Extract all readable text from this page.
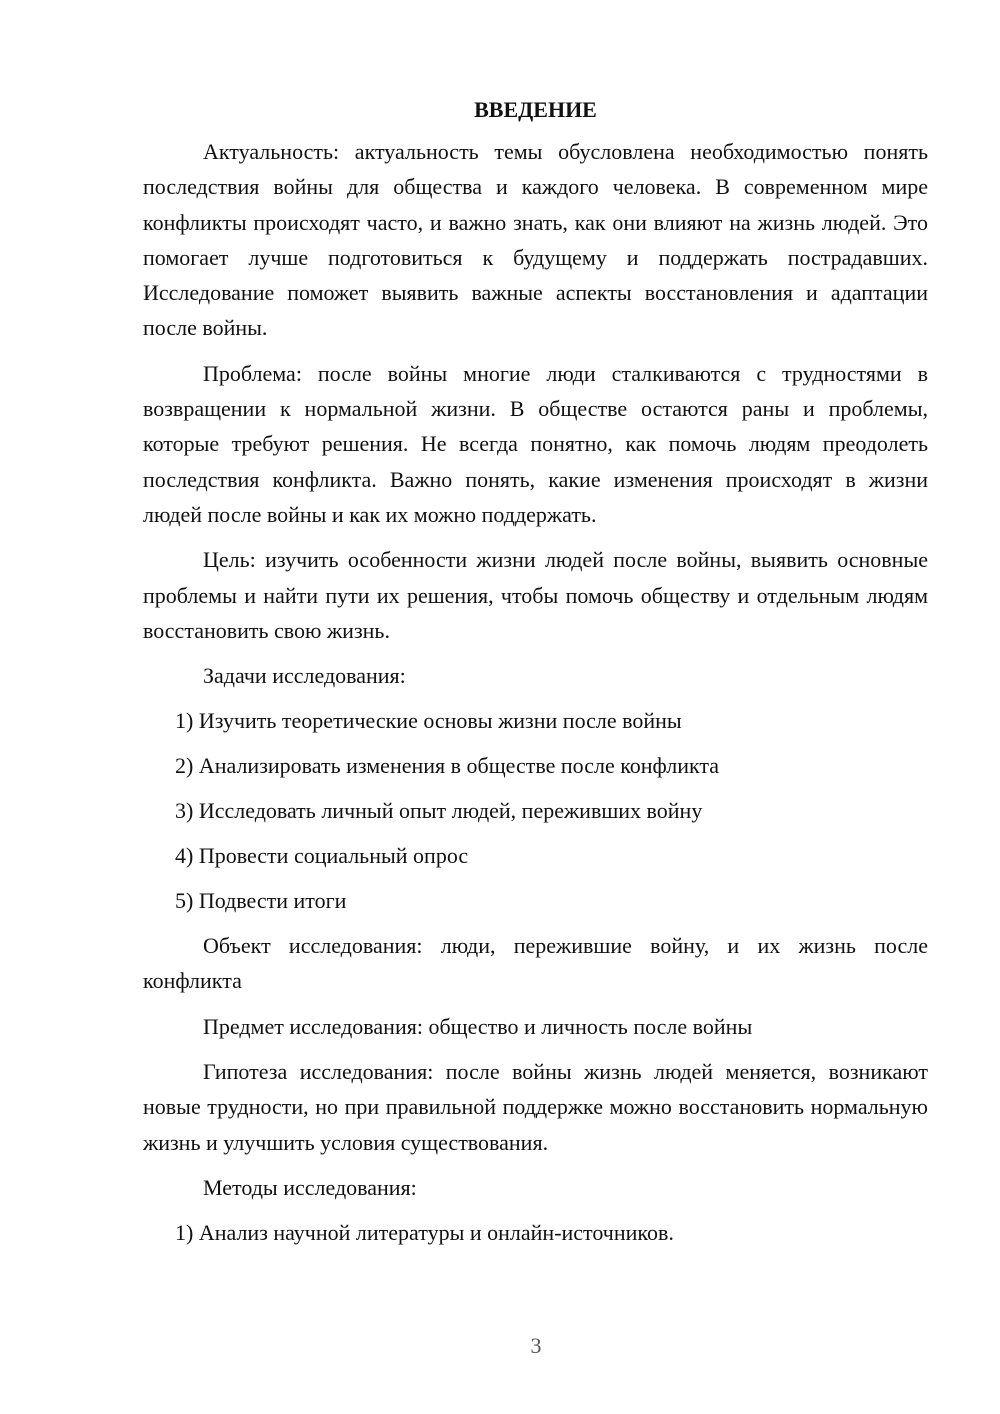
ВВЕДЕНИЕ

Актуальность: актуальность темы обусловлена необходимостью понять последствия войны для общества и каждого человека. В современном мире конфликты происходят часто, и важно знать, как они влияют на жизнь людей. Это помогает лучше подготовиться к будущему и поддержать пострадавших. Исследование поможет выявить важные аспекты восстановления и адаптации после войны.

Проблема: после войны многие люди сталкиваются с трудностями в возвращении к нормальной жизни. В обществе остаются раны и проблемы, которые требуют решения. Не всегда понятно, как помочь людям преодолеть последствия конфликта. Важно понять, какие изменения происходят в жизни людей после войны и как их можно поддержать.

Цель: изучить особенности жизни людей после войны, выявить основные проблемы и найти пути их решения, чтобы помочь обществу и отдельным людям восстановить свою жизнь.

Задачи исследования:
1) Изучить теоретические основы жизни после войны
2) Анализировать изменения в обществе после конфликта
3) Исследовать личный опыт людей, переживших войну
4) Провести социальный опрос
5) Подвести итоги

Объект исследования: люди, пережившие войну, и их жизнь после конфликта

Предмет исследования: общество и личность после войны

Гипотеза исследования: после войны жизнь людей меняется, возникают новые трудности, но при правильной поддержке можно восстановить нормальную жизнь и улучшить условия существования.

Методы исследования:
1) Анализ научной литературы и онлайн-источников.
3
